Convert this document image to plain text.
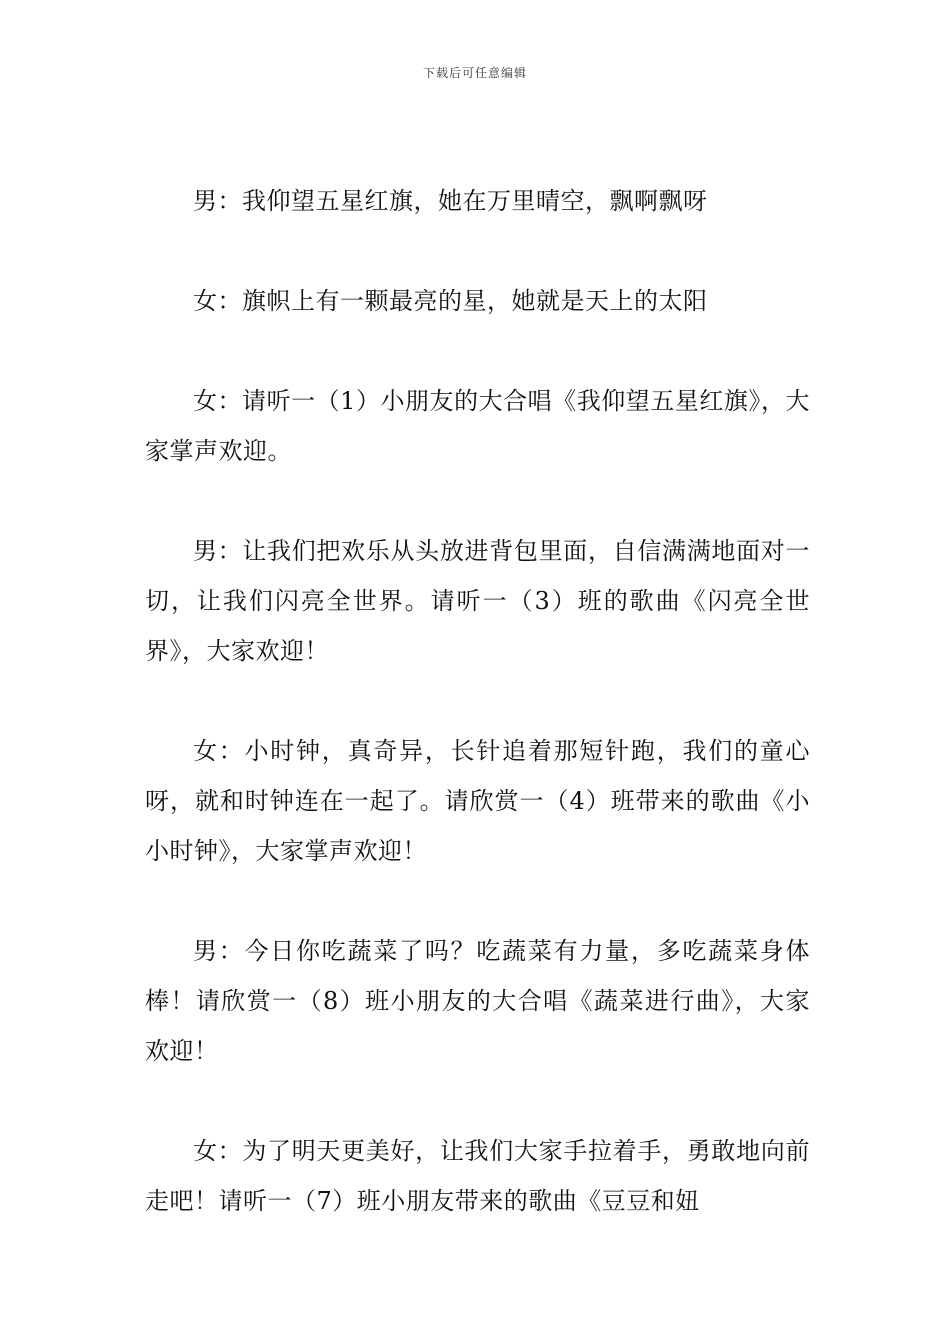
下载后可任意编辑

男：我仰望五星红旗，她在万里晴空，飘啊飘呀

女：旗帜上有一颗最亮的星，她就是天上的太阳

女：请听一（1）小朋友的大合唱《我仰望五星红旗》，大家掌声欢迎。

男：让我们把欢乐从头放进背包里面，自信满满地面对一切，让我们闪亮全世界。请听一（3）班的歌曲《闪亮全世界》，大家欢迎！

女：小时钟，真奇异，长针追着那短针跑，我们的童心呀，就和时钟连在一起了。请欣赏一（4）班带来的歌曲《小小时钟》，大家掌声欢迎！

男：今日你吃蔬菜了吗？吃蔬菜有力量，多吃蔬菜身体棒！请欣赏一（8）班小朋友的大合唱《蔬菜进行曲》，大家欢迎！

女：为了明天更美好，让我们大家手拉着手，勇敢地向前走吧！请听一（7）班小朋友带来的歌曲《豆豆和妞
